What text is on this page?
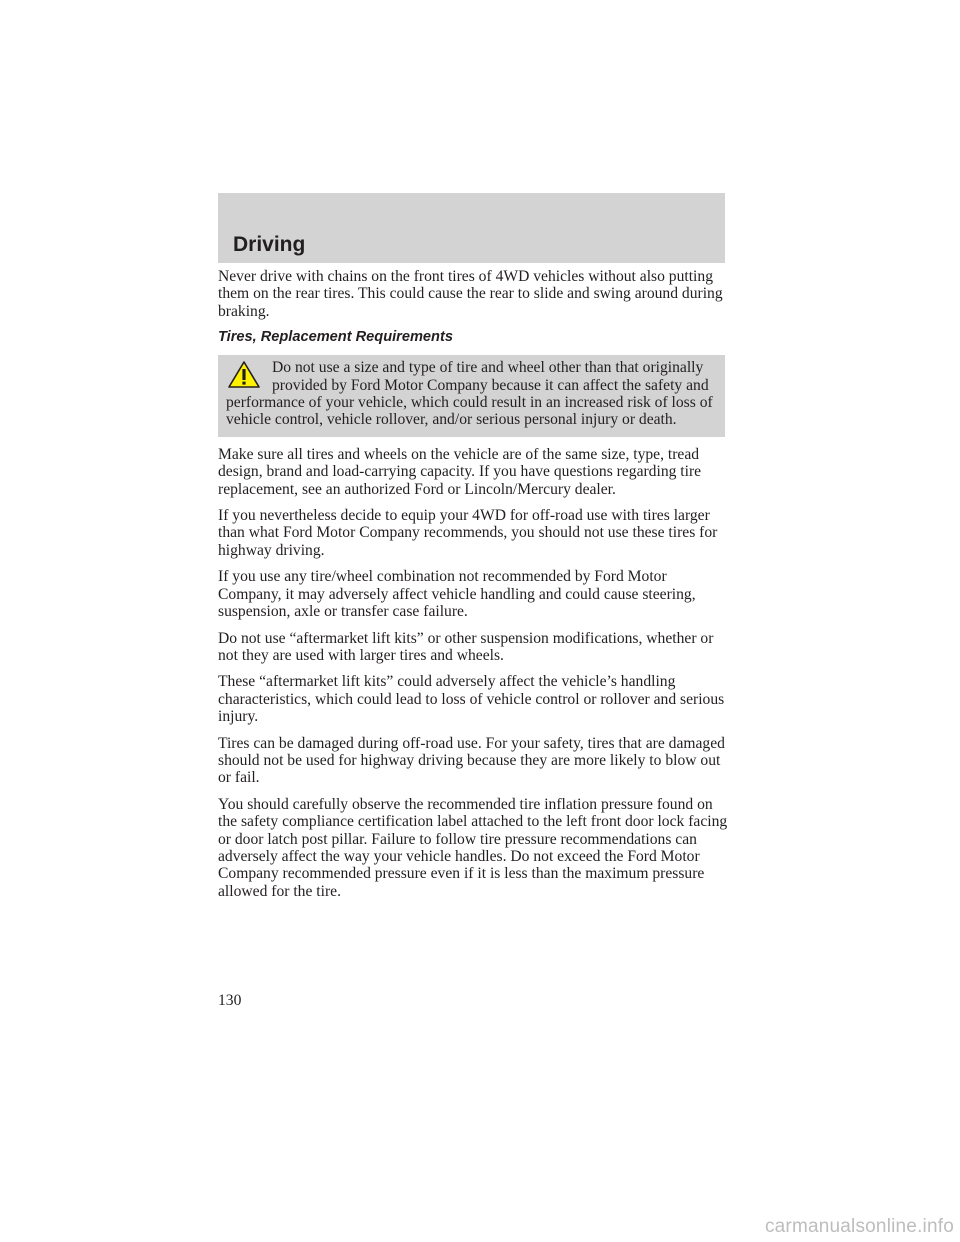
Driving

Never drive with chains on the front tires of 4WD vehicles without also putting them on the rear tires. This could cause the rear to slide and swing around during braking.

Tires, Replacement Requirements

Do not use a size and type of tire and wheel other than that originally provided by Ford Motor Company because it can affect the safety and performance of your vehicle, which could result in an increased risk of loss of vehicle control, vehicle rollover, and/or serious personal injury or death.

Make sure all tires and wheels on the vehicle are of the same size, type, tread design, brand and load-carrying capacity. If you have questions regarding tire replacement, see an authorized Ford or Lincoln/Mercury dealer.

If you nevertheless decide to equip your 4WD for off-road use with tires larger than what Ford Motor Company recommends, you should not use these tires for highway driving.

If you use any tire/wheel combination not recommended by Ford Motor Company, it may adversely affect vehicle handling and could cause steering, suspension, axle or transfer case failure.

Do not use “aftermarket lift kits” or other suspension modifications, whether or not they are used with larger tires and wheels.

These “aftermarket lift kits” could adversely affect the vehicle’s handling characteristics, which could lead to loss of vehicle control or rollover and serious injury.

Tires can be damaged during off-road use. For your safety, tires that are damaged should not be used for highway driving because they are more likely to blow out or fail.

You should carefully observe the recommended tire inflation pressure found on the safety compliance certification label attached to the left front door lock facing or door latch post pillar. Failure to follow tire pressure recommendations can adversely affect the way your vehicle handles. Do not exceed the Ford Motor Company recommended pressure even if it is less than the maximum pressure allowed for the tire.

130
carmanualsonline.info
